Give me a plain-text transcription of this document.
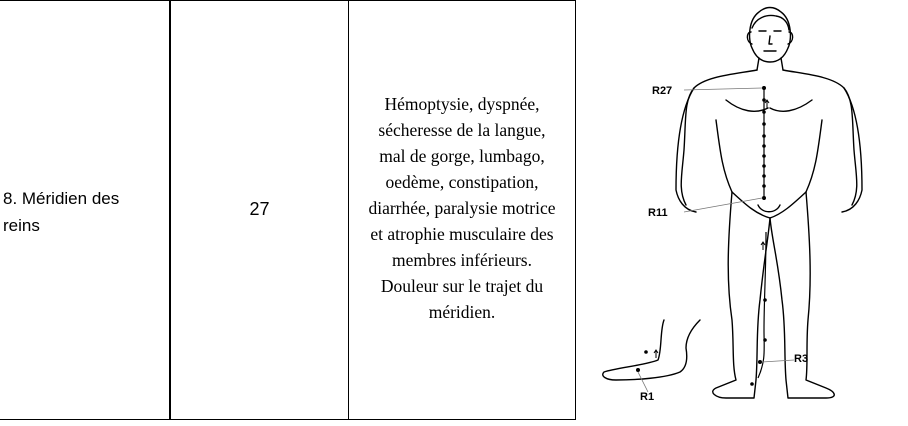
8. Méridien des
reins
27
Hémoptysie, dyspnée,
sécheresse de la langue,
mal de gorge, lumbago,
oedème, constipation,
diarrhée, paralysie motrice
et atrophie musculaire des
membres inférieurs.
Douleur sur le trajet du
méridien.
R27
R11
R3
R1
